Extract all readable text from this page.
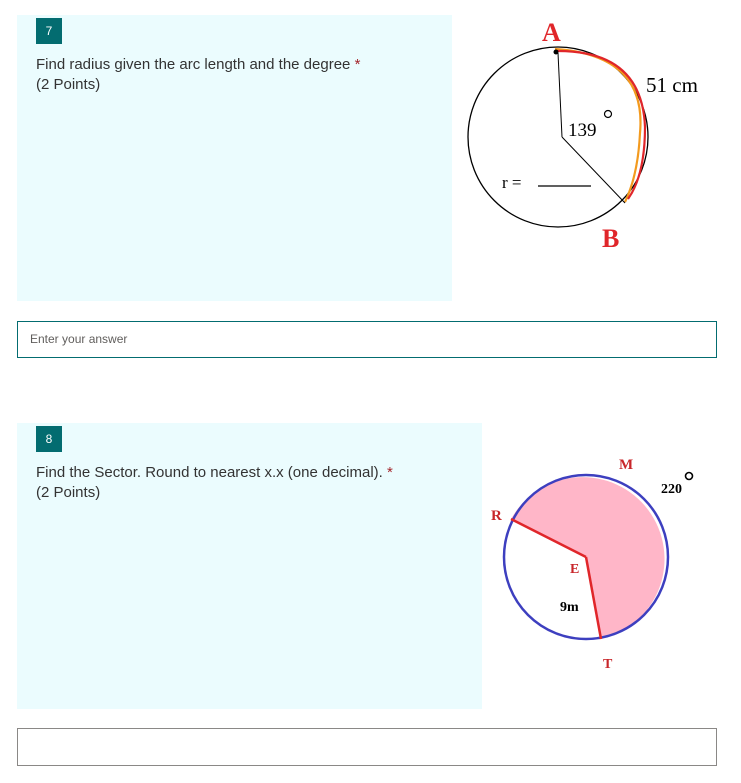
7
Find radius given the arc length and the degree *
(2 Points)
A
B
51 cm
139
r =
Enter your answer
8
Find the Sector. Round to nearest x.x (one decimal). *
(2 Points)
M
R
E
T
220
9m
